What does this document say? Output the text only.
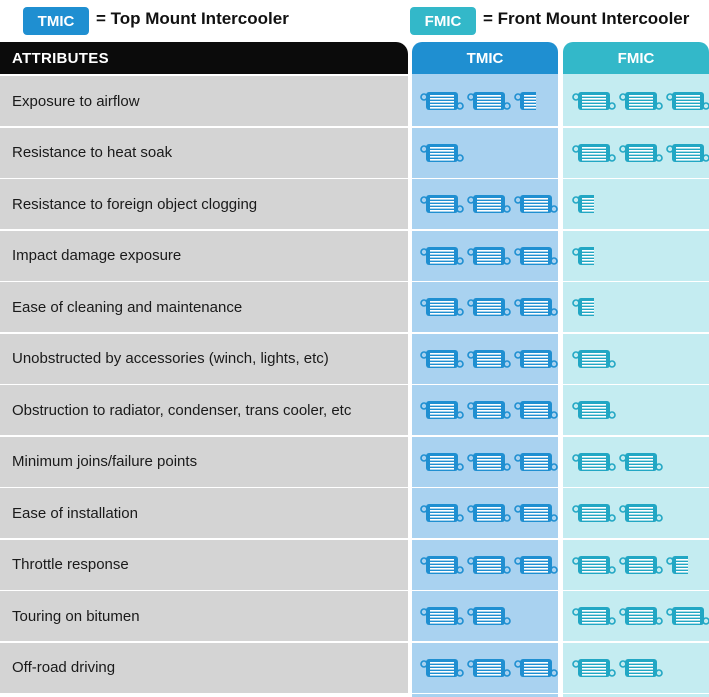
TMIC	= Top Mount Intercooler	FMIC	= Front Mount Intercooler
ATTRIBUTES	TMIC	FMIC
Exposure to airflow
Resistance to heat soak
Resistance to foreign object clogging
Impact damage exposure
Ease of cleaning and maintenance
Unobstructed by accessories (winch, lights, etc)
Obstruction to radiator, condenser, trans cooler, etc
Minimum joins/failure points
Ease of installation
Throttle response
Touring on bitumen
Off-road driving
